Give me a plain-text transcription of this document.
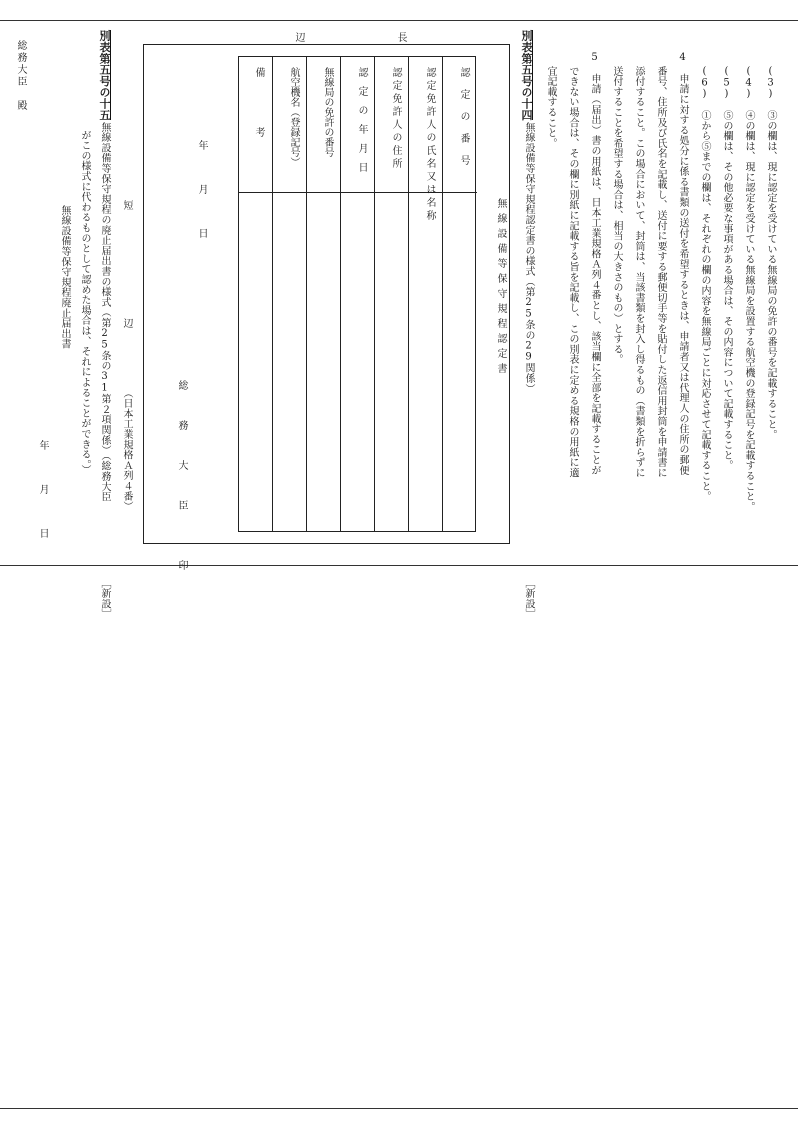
(3)　③の欄は、現に認定を受けている無線局の免許の番号を記載すること。
(4)　④の欄は、現に認定を受けている無線局を設置する航空機の登録記号を記載すること。
(5)　⑤の欄は、その他必要な事項がある場合は、その内容について記載すること。
(6)　①から⑤までの欄は、それぞれの欄の内容を無線局ごとに対応させて記載すること。
4　申請に対する処分に係る書類の送付を希望するときは、申請者又は代理人の住所の郵便
番号、住所及び氏名を記載し、送付に要する郵便切手等を貼付した返信用封筒を申請書に
添付すること。この場合において、封筒は、当該書類を封入し得るもの（書類を折らずに
送付することを希望する場合は、相当の大きさのもの）とする。
5　申請（届出）書の用紙は、日本工業規格Ａ列４番とし、該当欄に全部を記載することが
できない場合は、その欄に別紙に記載する旨を記載し、この別表に定める規格の用紙に適
宜記載すること。
別表第五号の十四
無線設備等保守規程認定書の様式（第25条の29関係）
［新設］
無線設備等保守規程認定書
認定の番号
認定免許人の氏名又は名称
認定免許人の住所
認定の年月日
無線局の免許の番号
航空機名（登録記号）
備考
長
辺
年　月　日
総　務　大　臣　　印
短
辺
（日本工業規格Ａ列４番）
別表第五号の十五
無線設備等保守規程の廃止届出書の様式（第25条の31第２項関係）（総務大臣
がこの様式に代わるものとして認めた場合は、それによることができる。）
［新設］
無線設備等保守規程廃止届出書
年　月　日
総務大臣　殿
